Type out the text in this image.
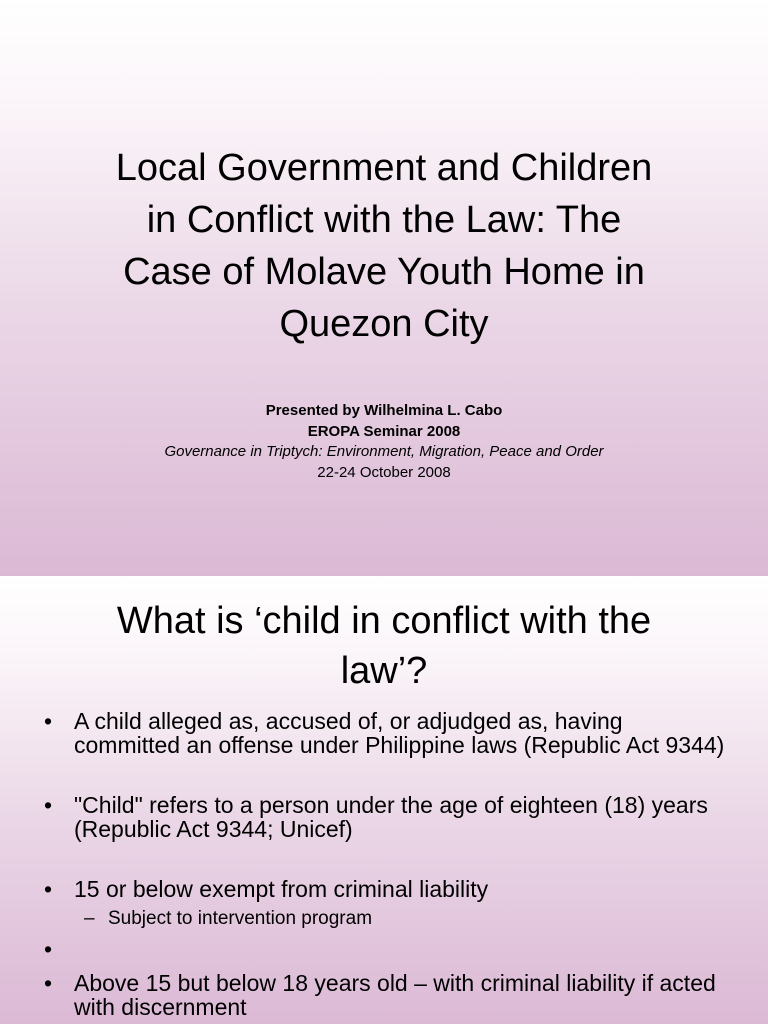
Local Government and Children
in Conflict with the Law: The
Case of Molave Youth Home in
Quezon City
Presented by Wilhelmina L. Cabo
EROPA Seminar 2008
Governance in Triptych: Environment, Migration, Peace and Order
22-24 October 2008
What is ‘child in conflict with the
law’?
• A child alleged as, accused of, or adjudged as, having committed an offense under Philippine laws (Republic Act 9344)
• "Child" refers to a person under the age of eighteen (18) years (Republic Act 9344; Unicef)
• 15 or below exempt from criminal liability
– Subject to intervention program
•

• Above 15 but below 18 years old – with criminal liability if acted with discernment
